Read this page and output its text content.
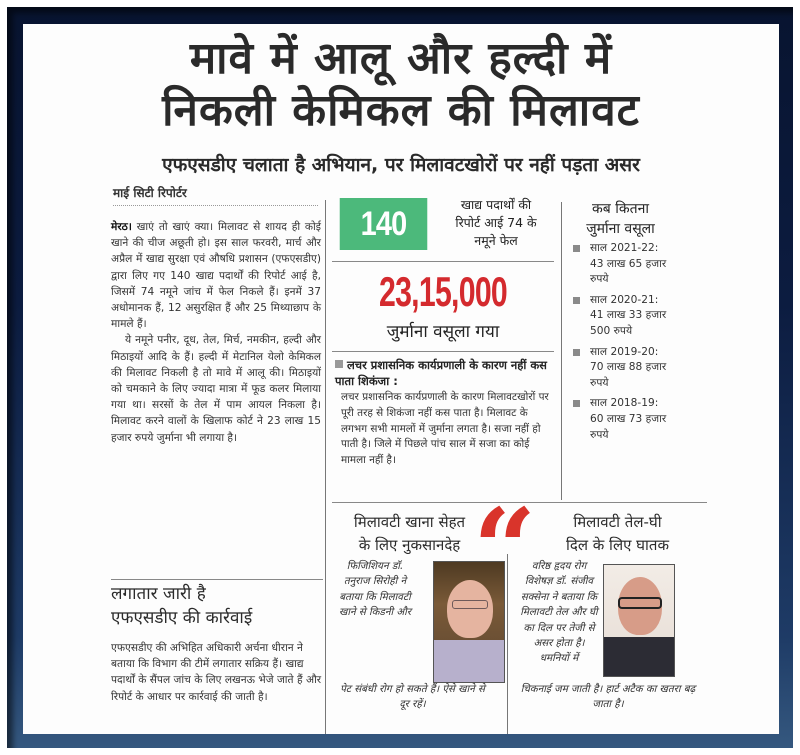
मावे में आलू और हल्दी में
निकली केमिकल की मिलावट
एफएसडीए चलाता है अभियान, पर मिलावटखोरों पर नहीं पड़ता असर
माई सिटी रिपोर्टर

मेरठ। खाएं तो खाएं क्या। मिलावट से शायद ही कोई खाने की चीज अछूती हो। इस साल फरवरी, मार्च और अप्रैल में खाद्य सुरक्षा एवं औषधि प्रशासन (एफएसडीए) द्वारा लिए गए 140 खाद्य पदार्थों की रिपोर्ट आई है, जिसमें 74 नमूने जांच में फेल निकले हैं। इनमें 37 अधोमानक हैं, 12 असुरक्षित हैं और 25 मिथ्याछाप के मामले हैं।

ये नमूने पनीर, दूध, तेल, मिर्च, नमकीन, हल्दी और मिठाइयों आदि के हैं। हल्दी में मेटानिल येलो केमिकल की मिलावट निकली है तो मावे में आलू की। मिठाइयों को चमकाने के लिए ज्यादा मात्रा में फूड कलर मिलाया गया था। सरसों के तेल में पाम आयल निकला है। मिलावट करने वालों के खिलाफ कोर्ट ने 23 लाख 15 हजार रुपये जुर्माना भी लगाया है।

लगातार जारी है
एफएसडीए की कार्रवाई
एफएसडीए की अभिहित अधिकारी अर्चना धीरान ने बताया कि विभाग की टीमें लगातार सक्रिय हैं। खाद्य पदार्थों के सैंपल जांच के लिए लखनऊ भेजे जाते हैं और रिपोर्ट के आधार पर कार्रवाई की जाती है।
140
खाद्य पदार्थों की
रिपोर्ट आई 74 के
नमूने फेल
23,15,000
जुर्माना वसूला गया
लचर प्रशासनिक कार्यप्रणाली के कारण नहीं कस पाता शिकंजा :
लचर प्रशासनिक कार्यप्रणाली के कारण मिलावटखोरों पर पूरी तरह से शिकंजा नहीं कस पाता है। मिलावट के लगभग सभी मामलों में जुर्माना लगता है। सजा नहीं हो पाती है। जिले में पिछले पांच साल में सजा का कोई मामला नहीं है।
कब कितना
जुर्माना वसूला
साल 2021-22:
43 लाख 65 हजार रुपये
साल 2020-21:
41 लाख 33 हजार 500 रुपये
साल 2019-20:
70 लाख 88 हजार रुपये
साल 2018-19:
60 लाख 73 हजार रुपये
मिलावटी खाना सेहत
के लिए नुकसानदेह
फिजिशियन डॉ. तनुराज सिरोही ने बताया कि मिलावटी खाने से किडनी और
पेट संबंधी रोग हो सकते हैं। ऐसे खाने से दूर रहें।
“	मिलावटी तेल-घी
दिल के लिए घातक
वरिष्ठ हृदय रोग विशेषज्ञ डॉ. संजीव सक्सेना ने बताया कि मिलावटी तेल और घी का दिल पर तेजी से असर होता है। धमनियों में
चिकनाई जम जाती है। हार्ट अटैक का खतरा बढ़ जाता है।
